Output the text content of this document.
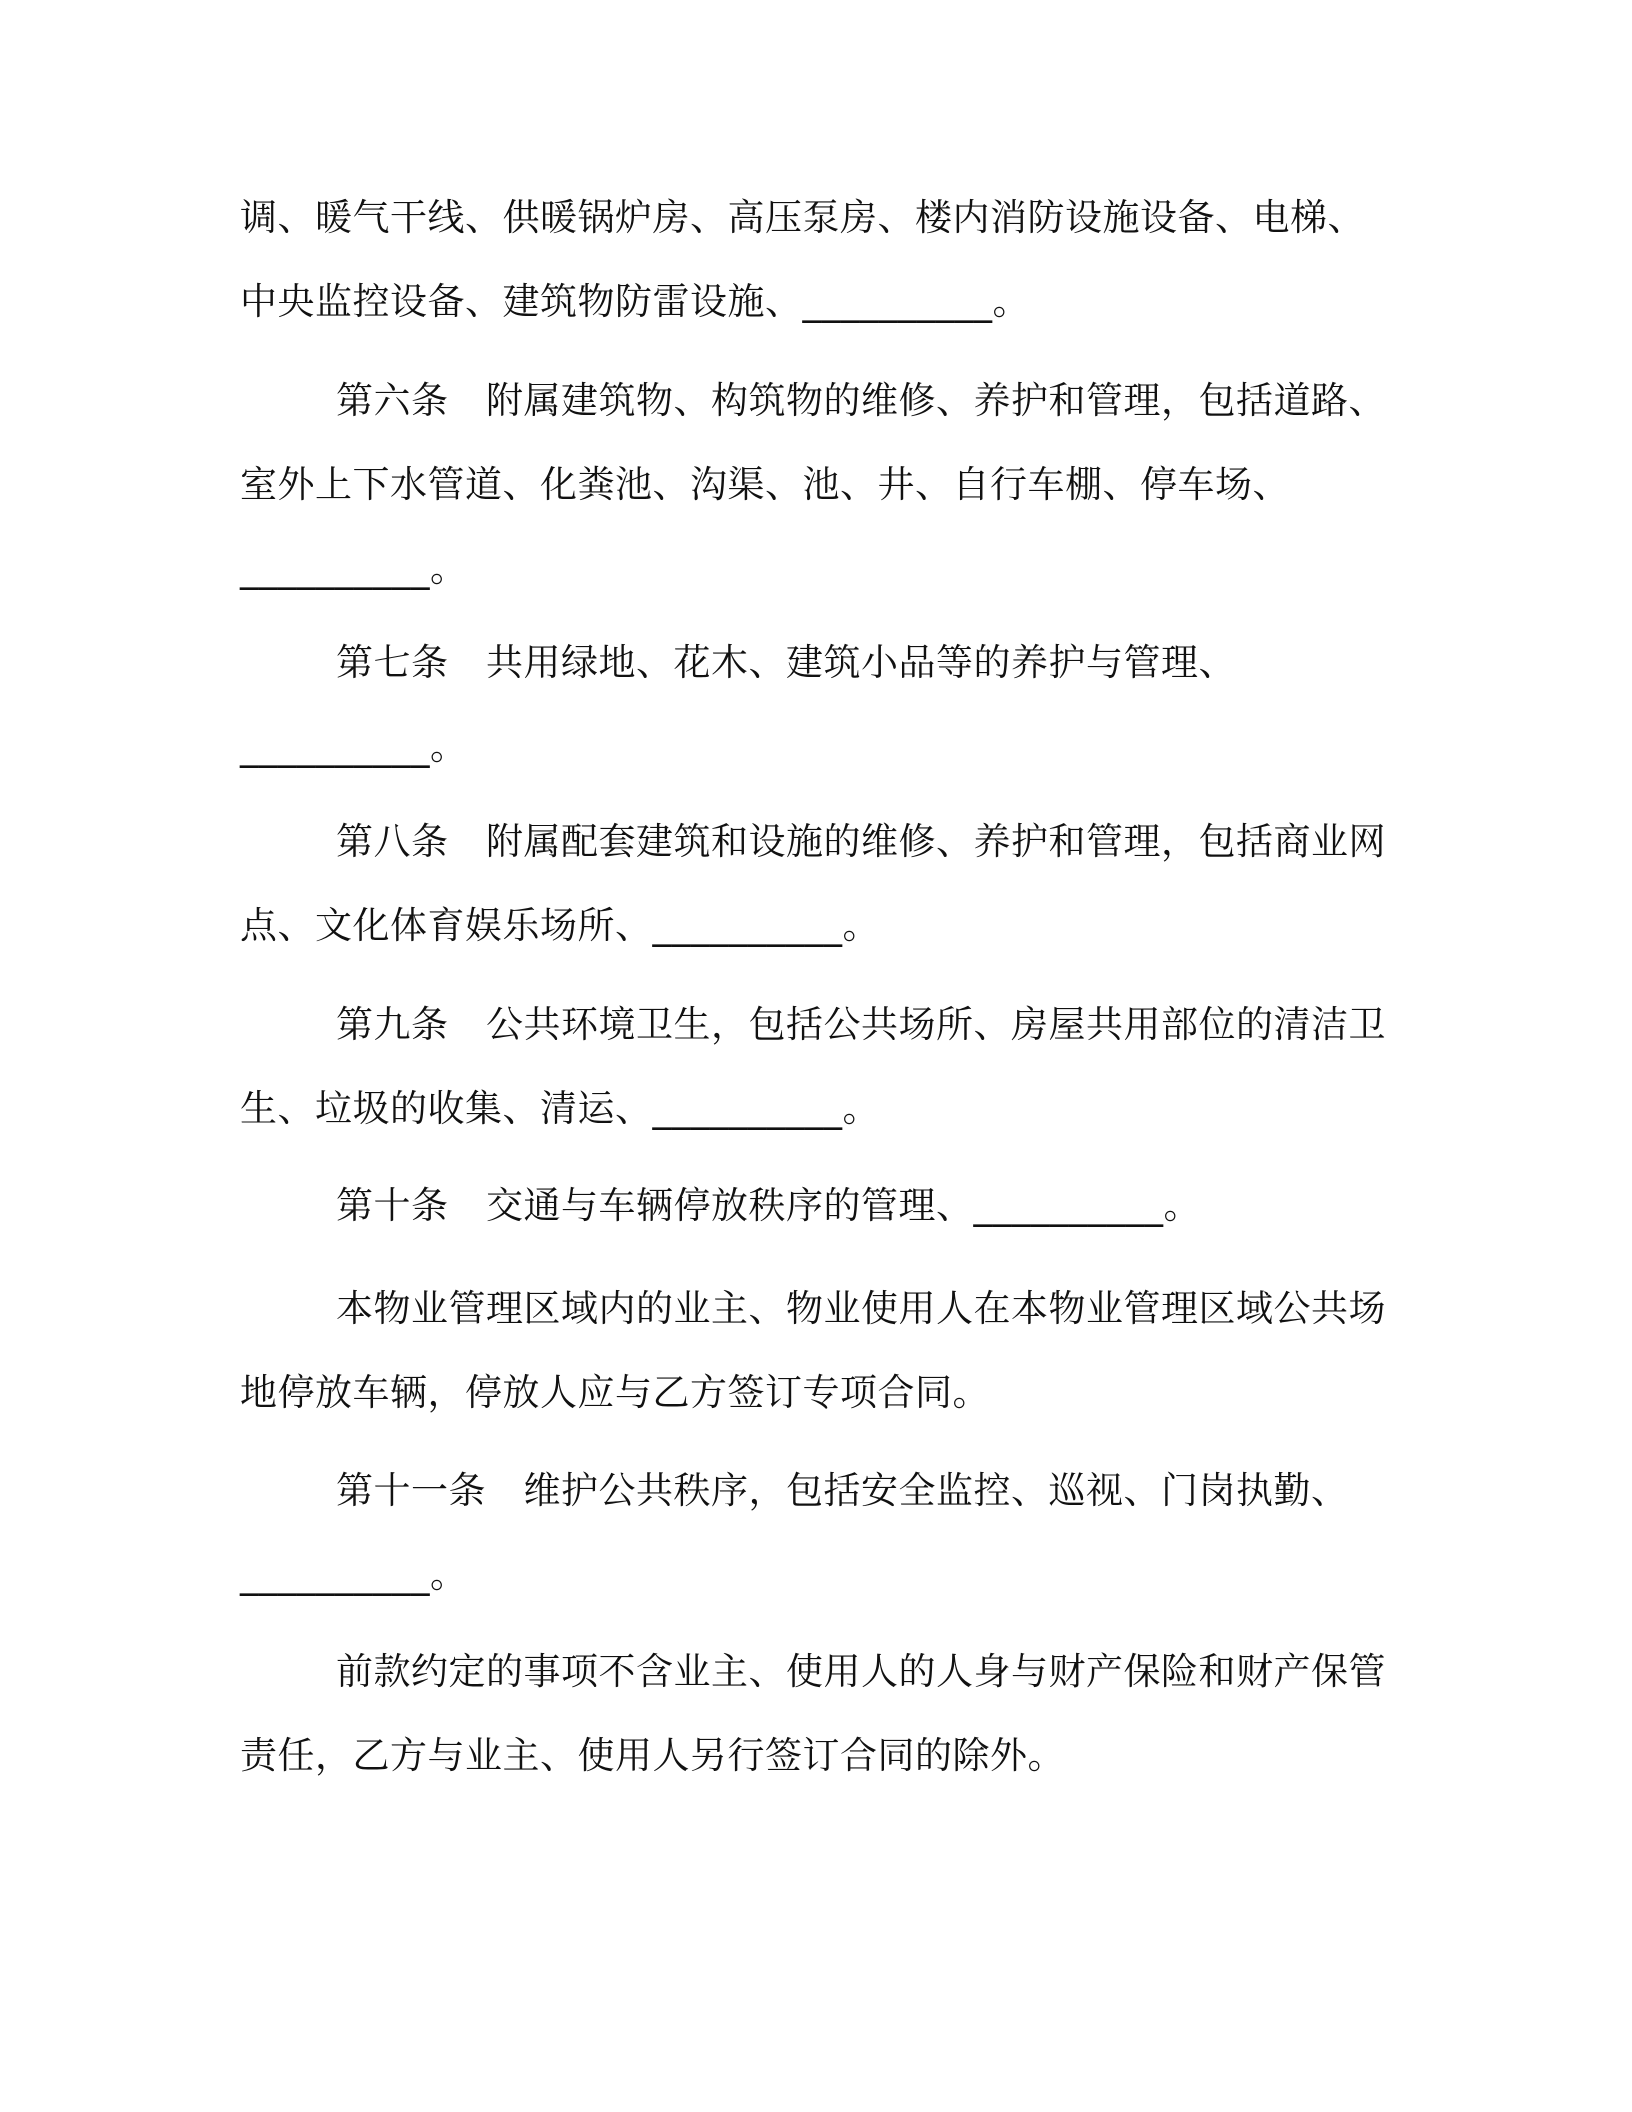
调、暖气干线、供暖锅炉房、高压泵房、楼内消防设施设备、电梯、
中央监控设备、建筑物防雷设施、__________。
第六条　附属建筑物、构筑物的维修、养护和管理，包括道路、
室外上下水管道、化粪池、沟渠、池、井、自行车棚、停车场、
__________。
第七条　共用绿地、花木、建筑小品等的养护与管理、
__________。
第八条　附属配套建筑和设施的维修、养护和管理，包括商业网
点、文化体育娱乐场所、__________。
第九条　公共环境卫生，包括公共场所、房屋共用部位的清洁卫
生、垃圾的收集、清运、__________。
第十条　交通与车辆停放秩序的管理、__________。
本物业管理区域内的业主、物业使用人在本物业管理区域公共场
地停放车辆，停放人应与乙方签订专项合同。
第十一条　维护公共秩序，包括安全监控、巡视、门岗执勤、
__________。
前款约定的事项不含业主、使用人的人身与财产保险和财产保管
责任，乙方与业主、使用人另行签订合同的除外。
